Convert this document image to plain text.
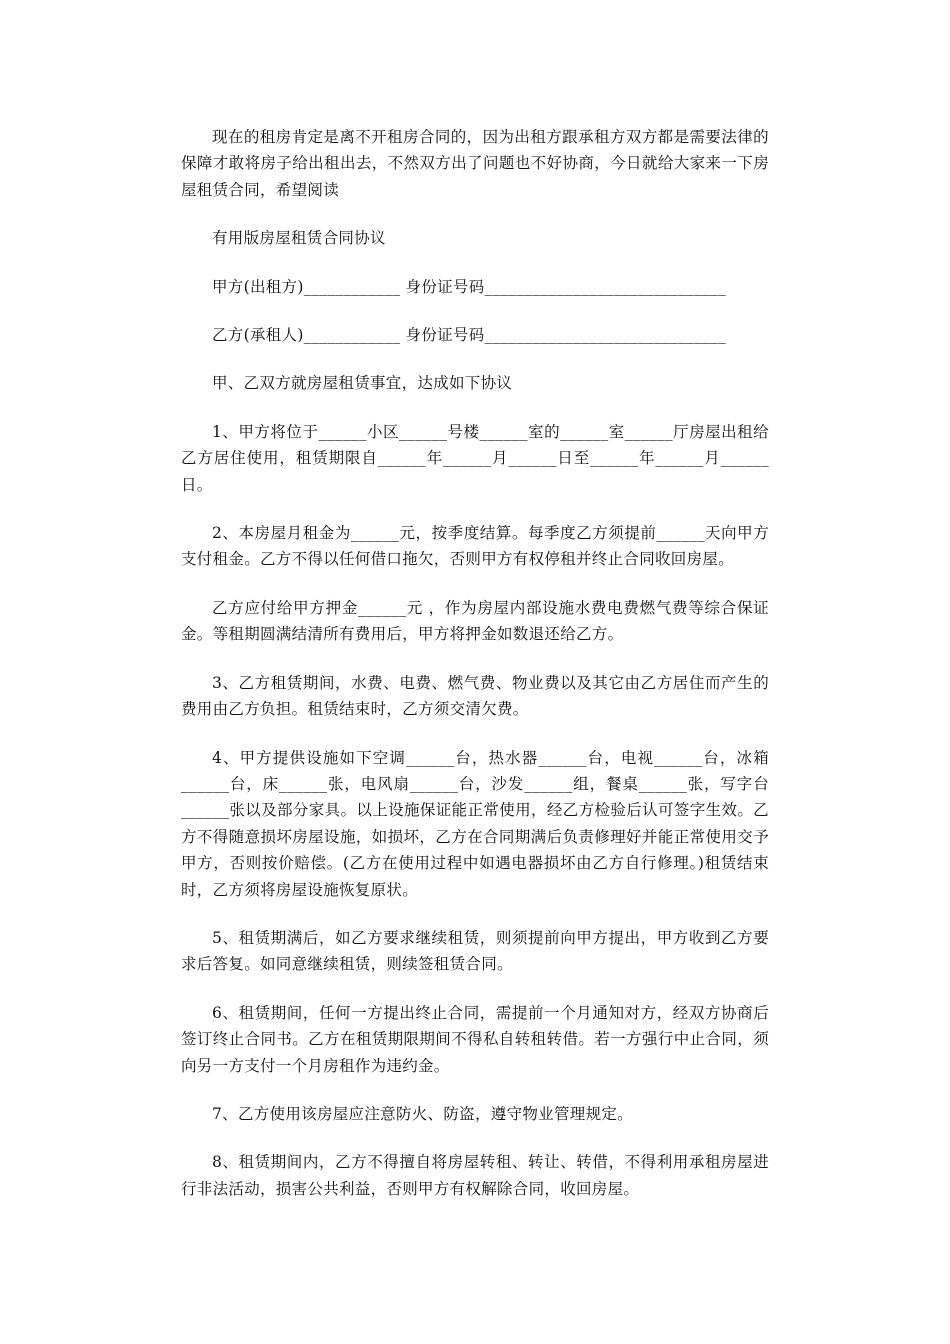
现在的租房肯定是离不开租房合同的，因为出租方跟承租方双方都是需要法律的保障才敢将房子给出租出去，不然双方出了问题也不好协商，今日就给大家来一下房屋租赁合同，希望阅读

有用版房屋租赁合同协议

甲方(出租方)____________ 身份证号码______________________________

乙方(承租人)____________ 身份证号码______________________________

甲、乙双方就房屋租赁事宜，达成如下协议

1、甲方将位于______小区______号楼______室的______室______厅房屋出租给乙方居住使用，租赁期限自______年______月______日至______年______月______日。

2、本房屋月租金为______元，按季度结算。每季度乙方须提前______天向甲方支付租金。乙方不得以任何借口拖欠，否则甲方有权停租并终止合同收回房屋。

乙方应付给甲方押金______元 ，作为房屋内部设施水费电费燃气费等综合保证金。等租期圆满结清所有费用后，甲方将押金如数退还给乙方。

3、乙方租赁期间，水费、电费、燃气费、物业费以及其它由乙方居住而产生的费用由乙方负担。租赁结束时，乙方须交清欠费。

4、甲方提供设施如下空调______台，热水器______台，电视______台，冰箱______台，床______张，电风扇______台，沙发______组，餐桌______张，写字台______张以及部分家具。以上设施保证能正常使用，经乙方检验后认可签字生效。乙方不得随意损坏房屋设施，如损坏，乙方在合同期满后负责修理好并能正常使用交予甲方，否则按价赔偿。(乙方在使用过程中如遇电器损坏由乙方自行修理。)租赁结束时，乙方须将房屋设施恢复原状。

5、租赁期满后，如乙方要求继续租赁，则须提前向甲方提出，甲方收到乙方要求后答复。如同意继续租赁，则续签租赁合同。

6、租赁期间，任何一方提出终止合同，需提前一个月通知对方，经双方协商后签订终止合同书。乙方在租赁期限期间不得私自转租转借。若一方强行中止合同，须向另一方支付一个月房租作为违约金。

7、乙方使用该房屋应注意防火、防盗，遵守物业管理规定。

8、租赁期间内，乙方不得擅自将房屋转租、转让、转借，不得利用承租房屋进行非法活动，损害公共利益，否则甲方有权解除合同，收回房屋。
